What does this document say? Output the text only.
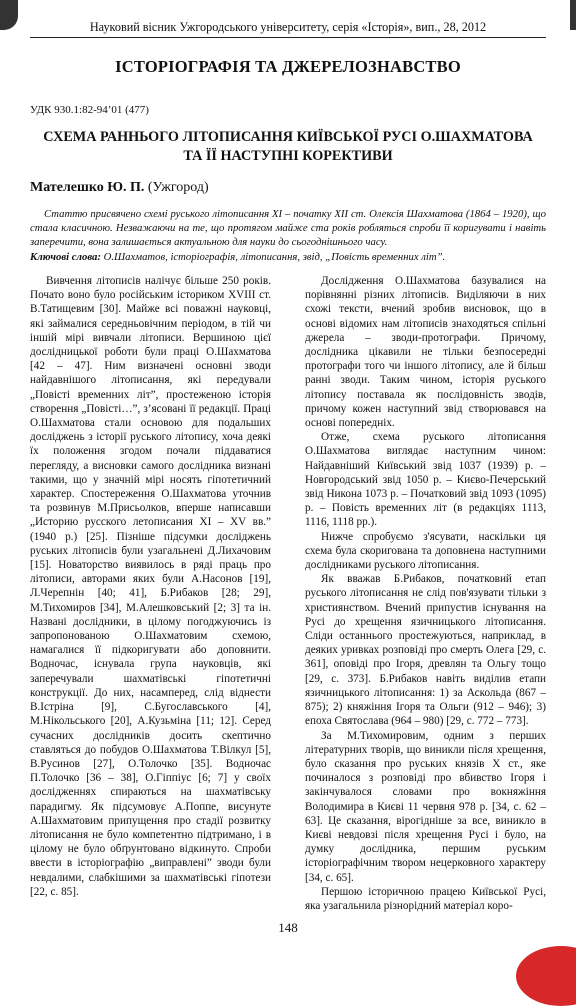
Науковий вісник Ужгородського університету, серія «Історія», вип., 28, 2012
ІСТОРІОГРАФІЯ ТА ДЖЕРЕЛОЗНАВСТВО
УДК 930.1:82-94’01 (477)
СХЕМА РАННЬОГО ЛІТОПИСАННЯ КИЇВСЬКОЇ РУСІ О.ШАХМАТОВА
ТА ЇЇ НАСТУПНІ КОРЕКТИВИ
Мателешко Ю. П. (Ужгород)

Статтю присвячено схемі руського літописання ХІ – початку ХІІ ст. Олексія Шахматова (1864 – 1920), що стала класичною. Незважаючи на те, що протягом майже ста років робляться спроби її коригувати і навіть заперечити, вона залишається актуальною для науки до сьогоднішнього часу.

Ключові слова: О.Шахматов, історіографія, літописання, звід, „Повість временних літ”.

Вивчення літописів налічує більше 250 років. Почато воно було російським істориком XVIII ст. В.Татищевим [30]. Майже всі поважні науковці, які займалися середньовічним періодом, в тій чи іншій мірі вивчали літописи. Вершиною цієї дослідницької роботи були праці О.Шахматова [42 – 47]. Ним визначені основні зводи найдавнішого літописання, які передували „Повісті временних літ”, простеженою історія створення „Повісті…”, з’ясовані її редакції. Праці О.Шахматова стали основою для подальших досліджень з історії руського літопису, хоча деякі їх положення згодом почали піддаватися перегляду, а висновки самого дослідника визнані такими, що у значній мірі носять гіпотетичний характер. Спостереження О.Шахматова уточнив та розвинув М.Присьолков, вперше написавши „Историю русского летописания ХІ – XV вв.” (1940 р.) [25]. Пізніше підсумки досліджень руських літописів були узагальнені Д.Лихачовим [15]. Новаторство виявилось в ряді праць про літописи, авторами яких були А.Насонов [19], Л.Черепнін [40; 41], Б.Рибаков [28; 29], М.Тихомиров [34], М.Алешковський [2; 3] та ін. Названі дослідники, в цілому погоджуючись із запропонованою О.Шахматовим схемою, намагалися її підкоригувати або доповнити. Водночас, існувала група науковців, які заперечували шахматівські гіпотетичні конструкції. До них, насамперед, слід віднести В.Істріна [9], С.Бугославського [4], М.Нікольського [20], А.Кузьміна [11; 12]. Серед сучасних дослідників досить скептично ставляться до побудов О.Шахматова Т.Вілкул [5], В.Русинов [27], О.Толочко [35]. Водночас П.Толочко [36 – 38], О.Гіппіус [6; 7] у своїх дослідженнях спираються на шахматівську парадигму. Як підсумовує А.Поппе, висунуте А.Шахматовим припущення про стадії розвитку літописання не було компетентно підтримано, і в цілому не було обґрунтовано відкинуто. Спроби ввести в історіографію „виправлені” зводи були невдалими, слабкішими за шахматівські гіпотези [22, с. 85].

Дослідження О.Шахматова базувалися на порівнянні різних літописів. Виділяючи в них схожі тексти, вчений зробив висновок, що в основі відомих нам літописів знаходяться спільні джерела – зводи-протографи. Причому, дослідника цікавили не тільки безпосередні протографи того чи іншого літопису, але й більш ранні зводи. Таким чином, історія руського літопису поставала як послідовність зводів, причому кожен наступний звід створювався на основі попередніх.

Отже, схема руського літописання О.Шахматова виглядає наступним чином: Найдавніший Київський звід 1037 (1939) р. – Новгородський звід 1050 р. – Києво-Печерський звід Никона 1073 р. – Початковий звід 1093 (1095) р. – Повість временних літ (в редакціях 1113, 1116, 1118 рр.).

Нижче спробуємо з'ясувати, наскільки ця схема була скоригована та доповнена наступними дослідниками руського літописання.

Як вважав Б.Рибаков, початковий етап руського літописання не слід пов'язувати тільки з християнством. Вчений припустив існування на Русі до хрещення язичницького літописання. Сліди останнього простежуються, наприклад, в деяких уривках розповіді про смерть Олега [29, с. 361], оповіді про Ігоря, древлян та Ольгу тощо [29, с. 373]. Б.Рибаков навіть виділив етапи язичницького літописання: 1) за Аскольда (867 – 875); 2) княжіння Ігоря та Ольги (912 – 946); 3) епоха Святослава (964 – 980) [29, с. 772 – 773].

За М.Тихомировим, одним з перших літературних творів, що виникли після хрещення, було сказання про руських князів Х ст., яке починалося з розповіді про вбивство Ігоря і закінчувалося словами про вокняжіння Володимира в Києві 11 червня 978 р. [34, с. 62 – 63]. Це сказання, вірогідніше за все, виникло в Києві невдовзі після хрещення Русі і було, на думку дослідника, першим руським історіографічним твором нецерковного характеру [34, с. 65].

Першою історичною працею Київської Русі, яка узагальнила різнорідний матеріал коро-

148
